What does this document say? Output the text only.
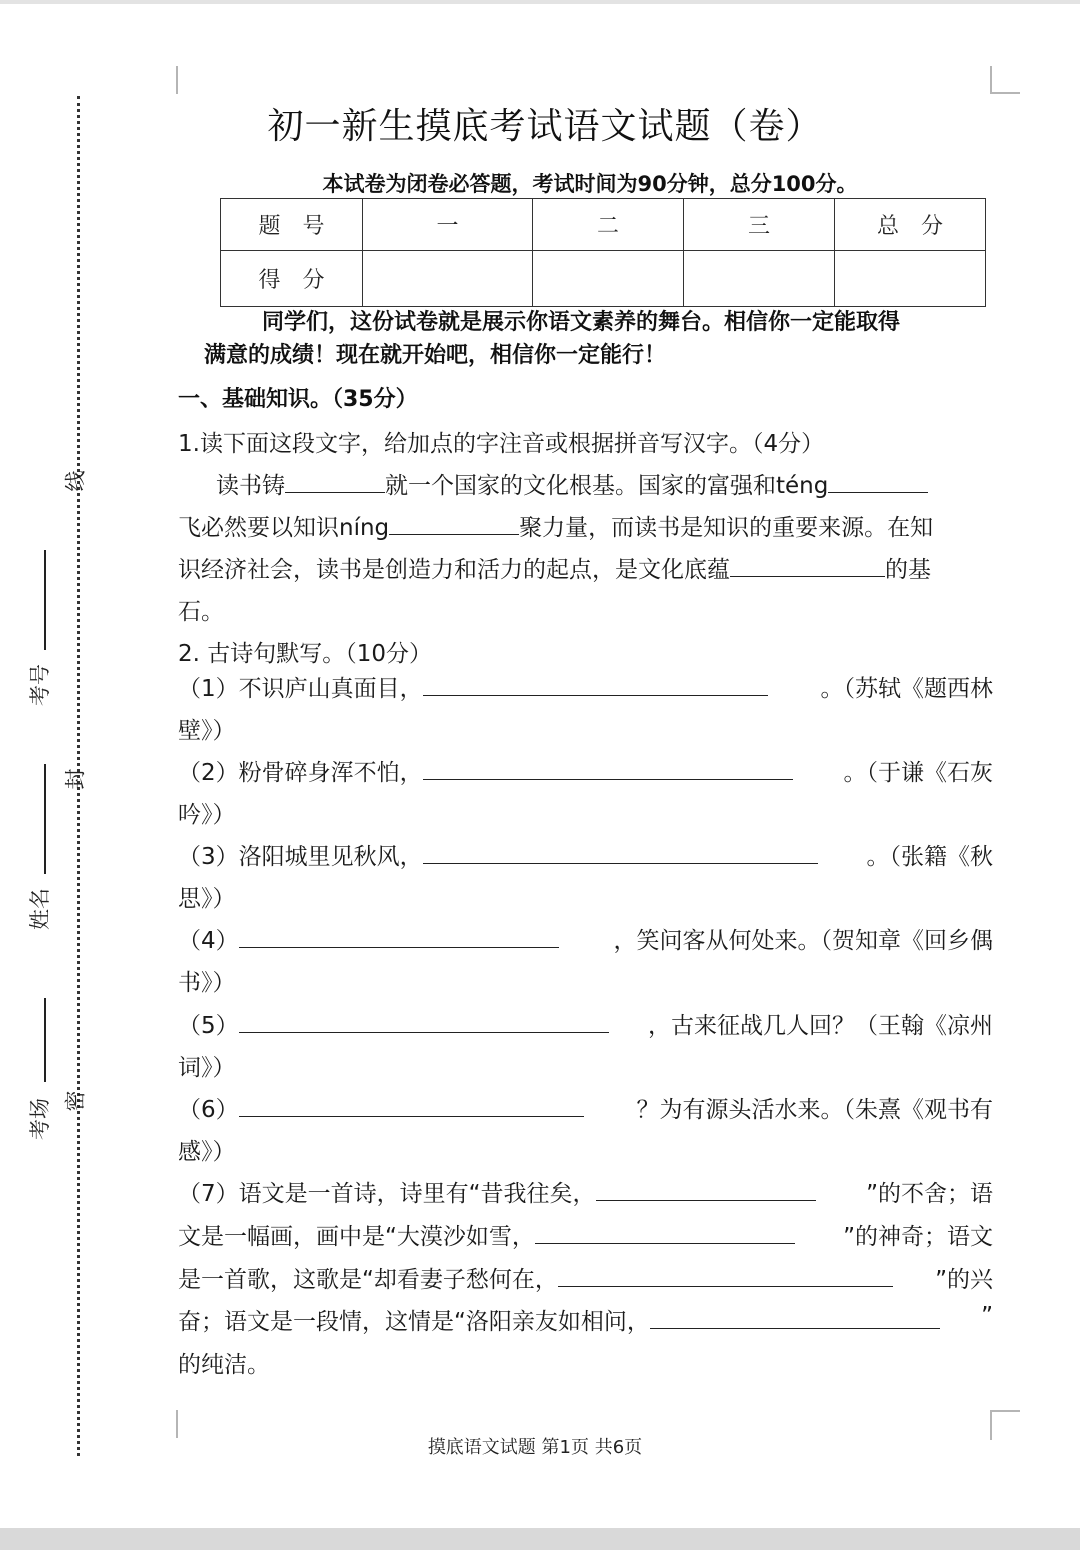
线
考号
封
姓名
考场 密
初一新生摸底考试语文试题（卷）
本试卷为闭卷必答题，考试时间为90分钟，总分100分。
题　号	一	二	三	总　分
得　分				
同学们，这份试卷就是展示你语文素养的舞台。相信你一定能取得
满意的成绩！现在就开始吧，相信你一定能行！
一、基础知识。（35分）
1.读下面这段文字，给加点的字注音或根据拼音写汉字。（4分）
读书铸	就一个国家的文化根基。国家的富强和téng
飞必然要以知识níng	聚力量，而读书是知识的重要来源。在知
识经济社会，读书是创造力和活力的起点，是文化底蕴	的基
石。
2. 古诗句默写。（10分）
（1）不识庐山真面目，	。（苏轼《题西林
壁》）
（2）粉骨碎身浑不怕，	。（于谦《石灰
吟》）
（3）洛阳城里见秋风，	。（张籍《秋
思》）
（4）	，笑问客从何处来。（贺知章《回乡偶
书》）
（5）	，古来征战几人回？（王翰《凉州
词》）
（6）	？为有源头活水来。（朱熹《观书有
感》）
（7）语文是一首诗，诗里有“昔我往矣，	”的不舍；语
文是一幅画，画中是“大漠沙如雪，	”的神奇；语文
是一首歌，这歌是“却看妻子愁何在，	”的兴
奋；语文是一段情，这情是“洛阳亲友如相问，	”
的纯洁。
摸底语文试题 第1页 共6页
